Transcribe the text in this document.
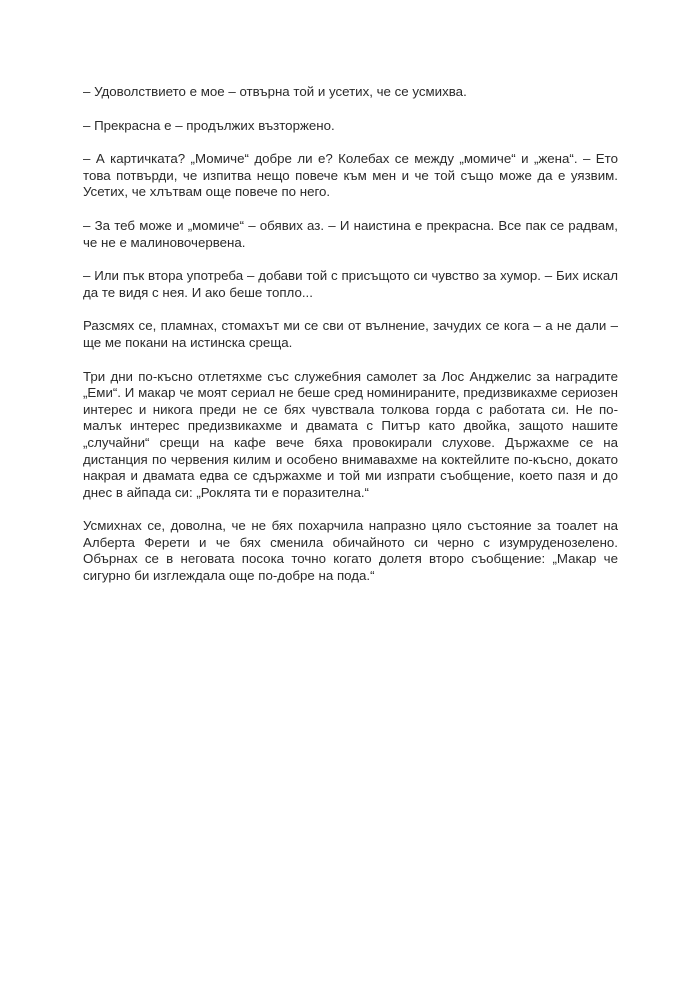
– Удоволствието е мое – отвърна той и усетих, че се усмихва.

– Прекрасна е – продължих възторжено.

– А картичката? „Момиче“ добре ли е? Колебах се между „момиче“ и „жена“. – Ето това потвърди, че изпитва нещо повече към мен и че той също може да е уязвим. Усетих, че хлътвам още повече по него.

– За теб може и „момиче“ – обявих аз. – И наистина е прекрасна. Все пак се радвам, че не е малиновочервена.

– Или пък втора употреба – добави той с присъщото си чувство за хумор. – Бих искал да те видя с нея. И ако беше топло...

Разсмях се, пламнах, стомахът ми се сви от вълнение, зачудих се кога – а не дали – ще ме покани на истинска среща.

Три дни по-късно отлетяхме със служебния самолет за Лос Анджелис за наградите „Еми“. И макар че моят сериал не беше сред номинираните, предизвикахме сериозен интерес и никога преди не се бях чувствала толкова горда с работата си. Не по-малък интерес предизвикахме и двамата с Питър като двойка, защото нашите „случайни“ срещи на кафе вече бяха провокирали слухове. Държахме се на дистанция по червения килим и особено внимавахме на коктейлите по-късно, докато накрая и двамата едва се сдържахме и той ми изпрати съобщение, което пазя и до днес в айпада си: „Роклята ти е поразителна.“

Усмихнах се, доволна, че не бях похарчила напразно цяло състояние за тоалет на Алберта Ферети и че бях сменила обичайното си черно с изумруденозелено. Обърнах се в неговата посока точно когато долетя второ съобщение: „Макар че сигурно би изглеждала още по-добре на пода.“
